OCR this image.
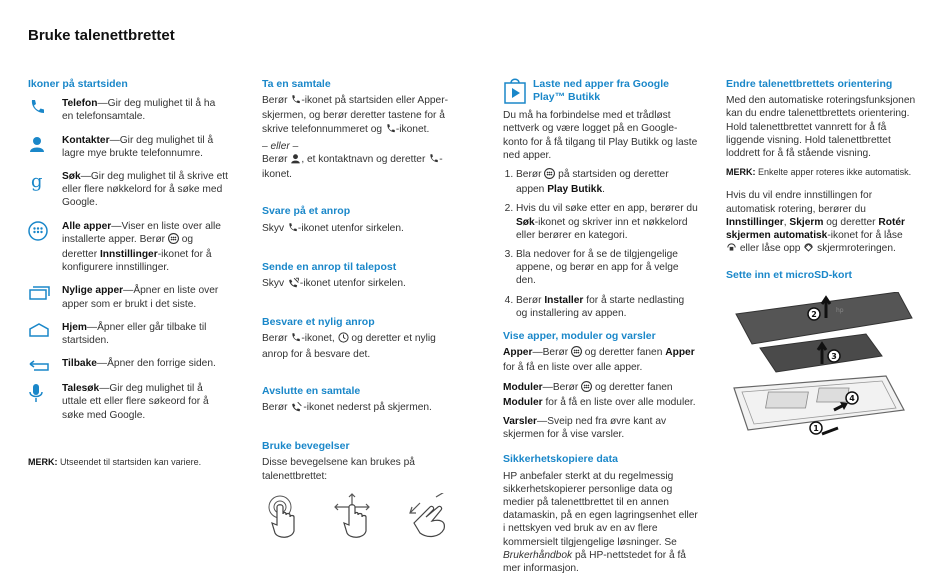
Bruke talenettbrettet
Ikoner på startsiden
Telefon—Gir deg mulighet til å ha en telefonsamtale.
Kontakter—Gir deg mulighet til å lagre mye brukte telefonnumre.
g Søk—Gir deg mulighet til å skrive ett eller flere nøkkelord for å søke med Google.
Alle apper—Viser en liste over alle installerte apper. Berør og deretter Innstillinger-ikonet for å konfigurere innstillinger.
Nylige apper—Åpner en liste over apper som er brukt i det siste.
Hjem—Åpner eller går tilbake til startsiden.
Tilbake—Åpner den forrige siden.
Talesøk—Gir deg mulighet til å uttale ett eller flere søkeord for å søke med Google.
MERK: Utseendet til startsiden kan variere.
Ta en samtale
Berør -ikonet på startsiden eller Apper-skjermen, og berør deretter tastene for å skrive telefonnummeret og -ikonet.
– eller –
Berør , et kontaktnavn og deretter -ikonet.
Svare på et anrop
Skyv -ikonet utenfor sirkelen.
Sende en anrop til talepost
Skyv -ikonet utenfor sirkelen.
Besvare et nylig anrop
Berør -ikonet, og deretter et nylig anrop for å besvare det.
Avslutte en samtale
Berør -ikonet nederst på skjermen.
Bruke bevegelser
Disse bevegelsene kan brukes på talenettbrettet:
Laste ned apper fra Google Play™ Butikk
Du må ha forbindelse med et trådløst nettverk og være logget på en Google-konto for å få tilgang til Play Butikk og laste ned apper.
1. Berør på startsiden og deretter appen Play Butikk.
2. Hvis du vil søke etter en app, berører du Søk-ikonet og skriver inn et nøkkelord eller berører en kategori.
3. Bla nedover for å se de tilgjengelige appene, og berør en app for å velge den.
4. Berør Installer for å starte nedlasting og installering av appen.
Vise apper, moduler og varsler
Apper—Berør og deretter fanen Apper for å få en liste over alle apper.
Moduler—Berør og deretter fanen Moduler for å få en liste over alle moduler.
Varsler—Sveip ned fra øvre kant av skjermen for å vise varsler.
Sikkerhetskopiere data
HP anbefaler sterkt at du regelmessig sikkerhetskopierer personlige data og medier på talenettbrettet til en annen datamaskin, på en egen lagringsenhet eller i nettskyen ved bruk av en av flere kommersielt tilgjengelige løsninger. Se Brukerhåndbok på HP-nettstedet for å få mer informasjon.
Endre talenettbrettets orientering
Med den automatiske roteringsfunksjonen kan du endre talenettbrettets orientering. Hold talenettbrettet vannrett for å få liggende visning. Hold talenettbrettet loddrett for å få stående visning.
MERK: Enkelte apper roteres ikke automatisk.
Hvis du vil endre innstillingen for automatisk rotering, berører du Innstillinger, Skjerm og deretter Rotér skjermen automatisk-ikonet for å låse  eller låse opp skjermroteringen.
Sette inn et microSD-kort
hp
2
3
4
1
